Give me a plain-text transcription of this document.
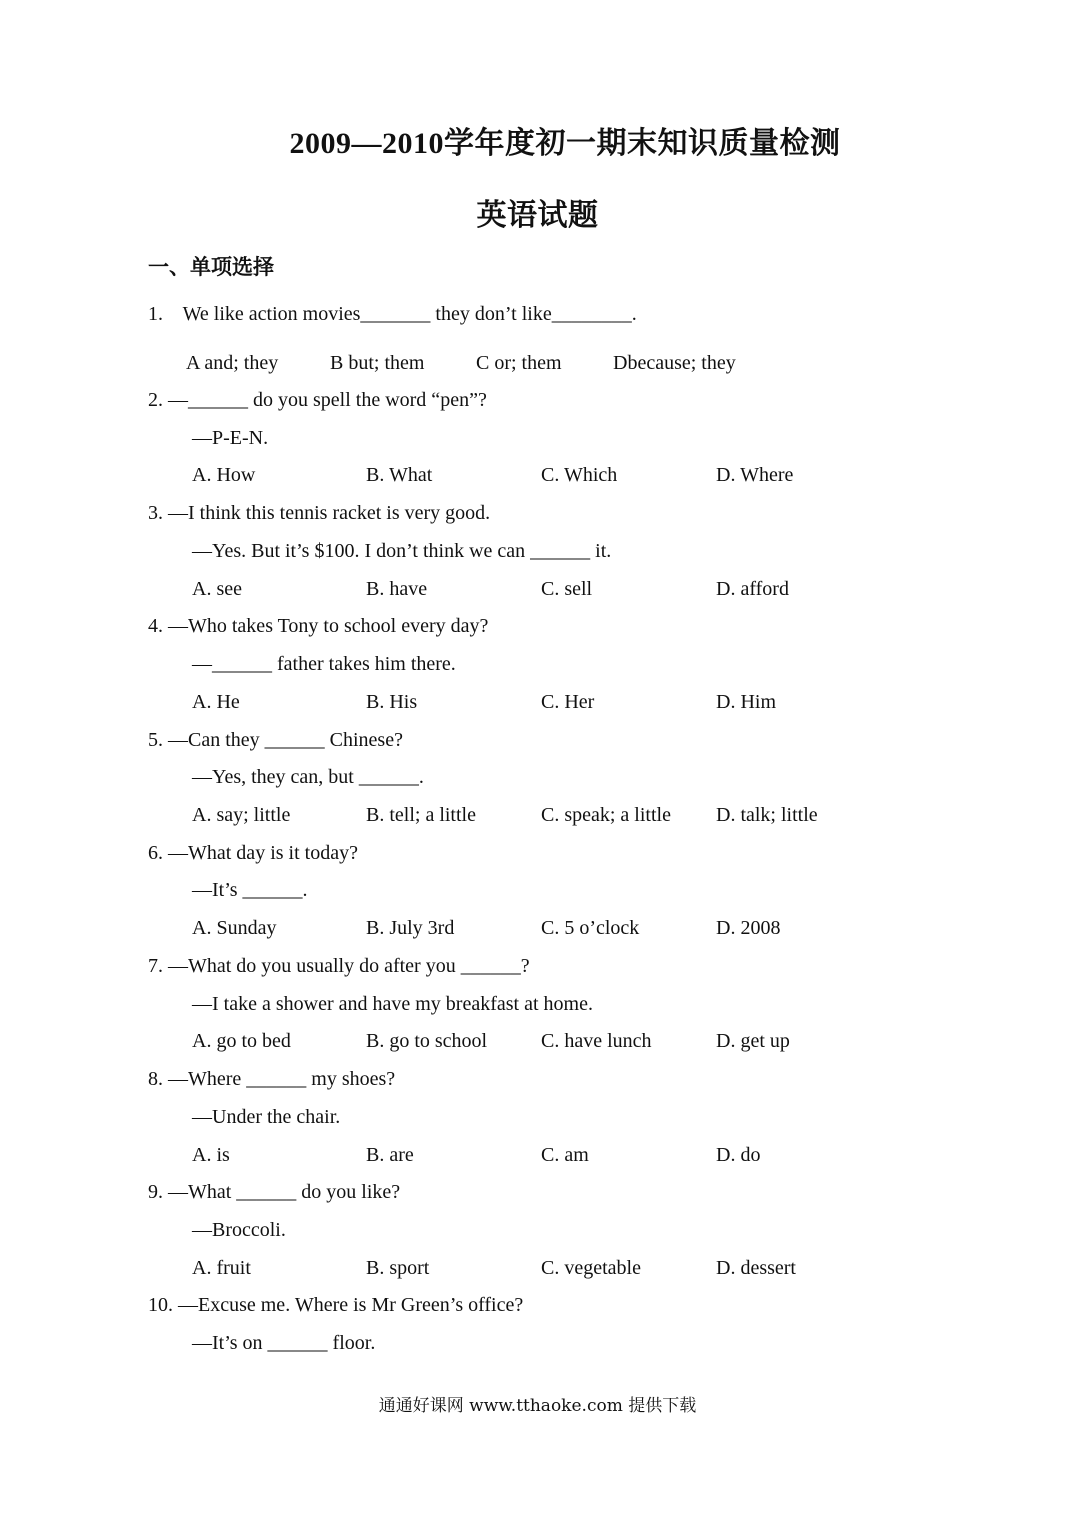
2009—2010学年度初一期末知识质量检测
英语试题
一、单项选择
1.    We like action movies_______ they don’t like________.
A and; they	B but; them	C or; them	Dbecause; they
2. —______ do you spell the word “pen”?
—P-E-N.
A. How	B. What	C. Which	D. Where
3. —I think this tennis racket is very good.
—Yes. But it’s $100. I don’t think we can ______ it.
A. see	B. have	C. sell	D. afford
4. —Who takes Tony to school every day?
—______ father takes him there.
A. He	B. His	C. Her	D. Him
5. —Can they ______ Chinese?
—Yes, they can, but ______.
A. say; little	B. tell; a little	C. speak; a little D. talk; little
6. —What day is it today?
—It’s ______.
A. Sunday	B. July 3rd	C. 5 o’clock	D. 2008
7. —What do you usually do after you ______?
—I take a shower and have my breakfast at home.
A. go to bed	B. go to school	C. have lunch	D. get up
8. —Where ______ my shoes?
—Under the chair.
A. is	B. are	C. am	D. do
9. —What ______ do you like?
—Broccoli.
A. fruit	B. sport	C. vegetable	D. dessert
10. —Excuse me. Where is Mr Green’s office?
—It’s on ______ floor.
通通好课网 www.tthaoke.com 提供下载
